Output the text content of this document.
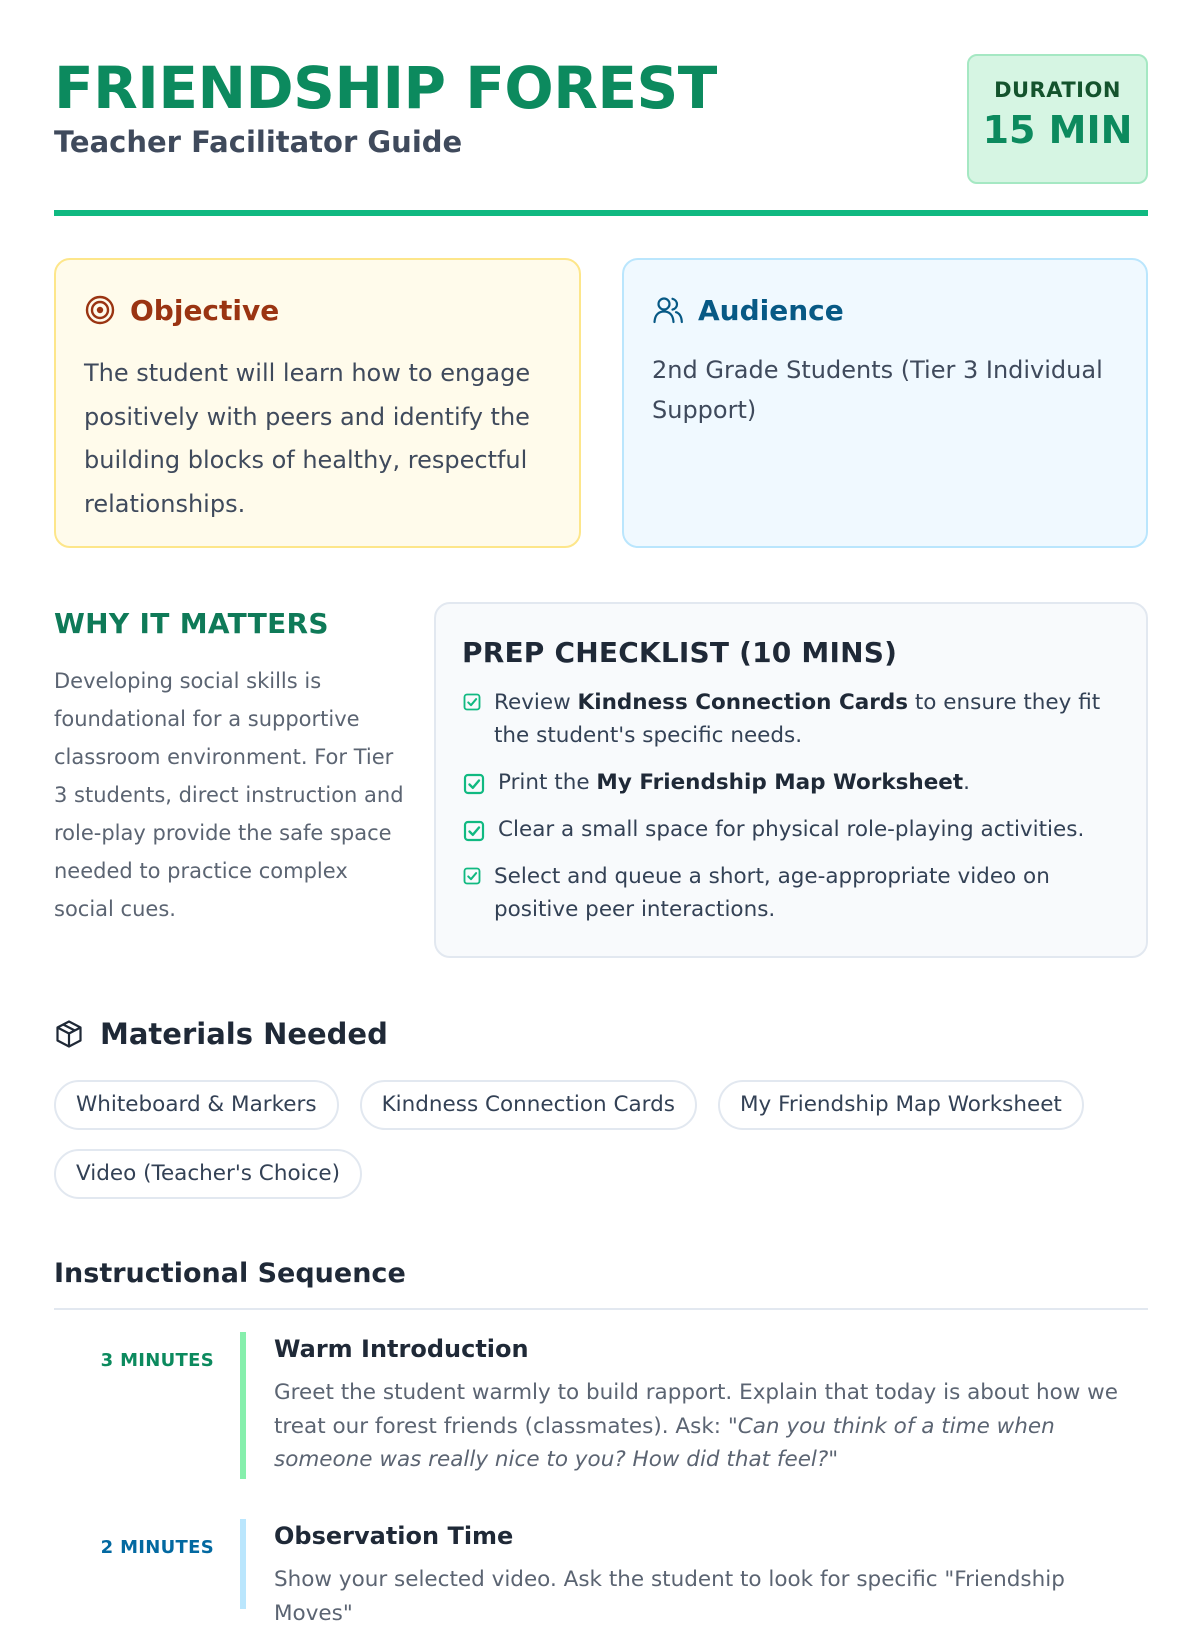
FRIENDSHIP FOREST
Teacher Facilitator Guide
DURATION
15 MIN
Objective
The student will learn how to engage positively with peers and identify the building blocks of healthy, respectful relationships.
Audience
2nd Grade Students (Tier 3 Individual Support)
WHY IT MATTERS
Developing social skills is foundational for a supportive classroom environment. For Tier 3 students, direct instruction and role-play provide the safe space needed to practice complex social cues.
PREP CHECKLIST (10 MINS)
Review Kindness Connection Cards to ensure they fit the student's specific needs.
Print the My Friendship Map Worksheet.
Clear a small space for physical role-playing activities.
Select and queue a short, age-appropriate video on positive peer interactions.
Materials Needed
Whiteboard & Markers	Kindness Connection Cards	My Friendship Map Worksheet
Video (Teacher's Choice)
Instructional Sequence
3 MINUTES	Warm Introduction
Greet the student warmly to build rapport. Explain that today is about how we treat our forest friends (classmates). Ask: "Can you think of a time when someone was really nice to you? How did that feel?"
2 MINUTES	Observation Time
Show your selected video. Ask the student to look for specific "Friendship Moves"
